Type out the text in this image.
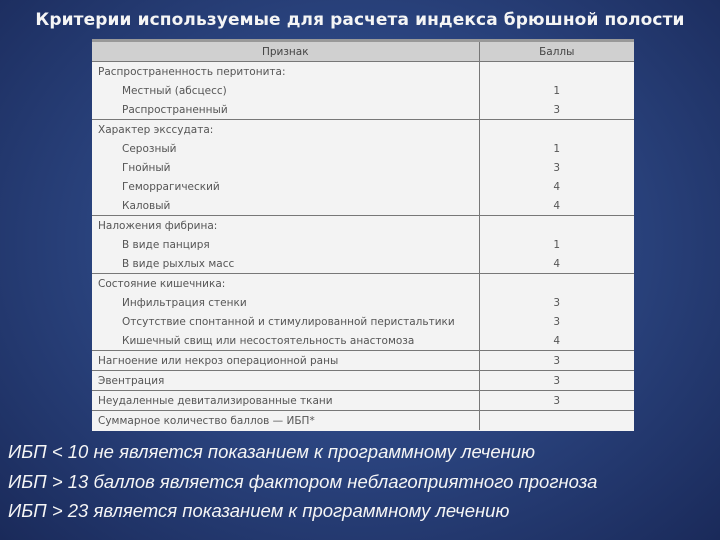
Критерии используемые для расчета индекса брюшной полости
Признак	Баллы
Распространенность перитонита:	
Местный (абсцесс)	1
Распространенный	3
Характер экссудата:	
Серозный	1
Гнойный	3
Геморрагический	4
Каловый	4
Наложения фибрина:	
В виде панциря	1
В виде рыхлых масс	4
Состояние кишечника:	
Инфильтрация стенки	3
Отсутствие спонтанной и стимулированной перистальтики	3
Кишечный свищ или несостоятельность анастомоза	4
Нагноение или некроз операционной раны	3
Эвентрация	3
Неудаленные девитализированные ткани	3
Суммарное количество баллов — ИБП*	
ИБП < 10 не является показанием к программному лечению
ИБП > 13 баллов является фактором неблагоприятного прогноза
ИБП > 23 является показанием к программному лечению
